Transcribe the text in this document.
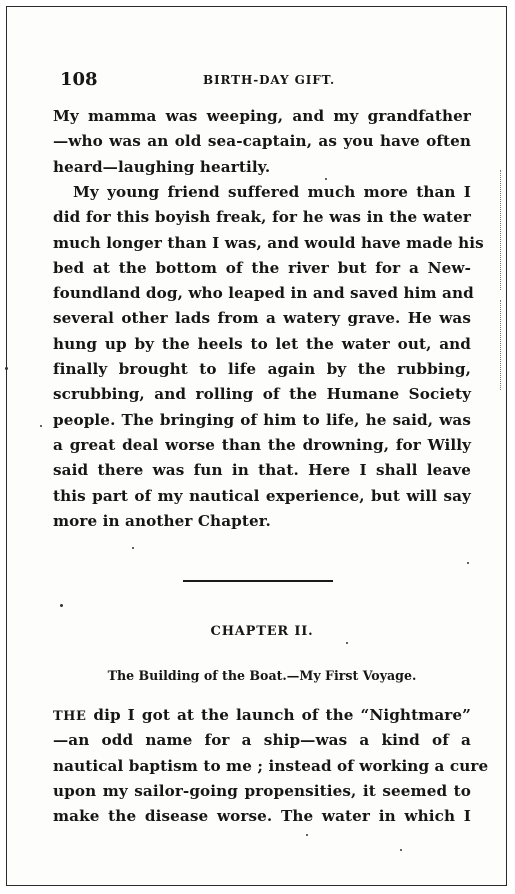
108	BIRTH-DAY GIFT.
My mamma was weeping, and my grandfather
—who was an old sea-captain, as you have often
heard—laughing heartily.
My young friend suffered much more than I
did for this boyish freak, for he was in the water
much longer than I was, and would have made his
bed at the bottom of the river but for a New-
foundland dog, who leaped in and saved him and
several other lads from a watery grave. He was
hung up by the heels to let the water out, and
finally brought to life again by the rubbing,
scrubbing, and rolling of the Humane Society
people. The bringing of him to life, he said, was
a great deal worse than the drowning, for Willy
said there was fun in that. Here I shall leave
this part of my nautical experience, but will say
more in another Chapter.
CHAPTER II.
The Building of the Boat.—My First Voyage.
THE dip I got at the launch of the “Nightmare”
—an odd name for a ship—was a kind of a
nautical baptism to me ; instead of working a cure
upon my sailor-going propensities, it seemed to
make the disease worse. The water in which I
